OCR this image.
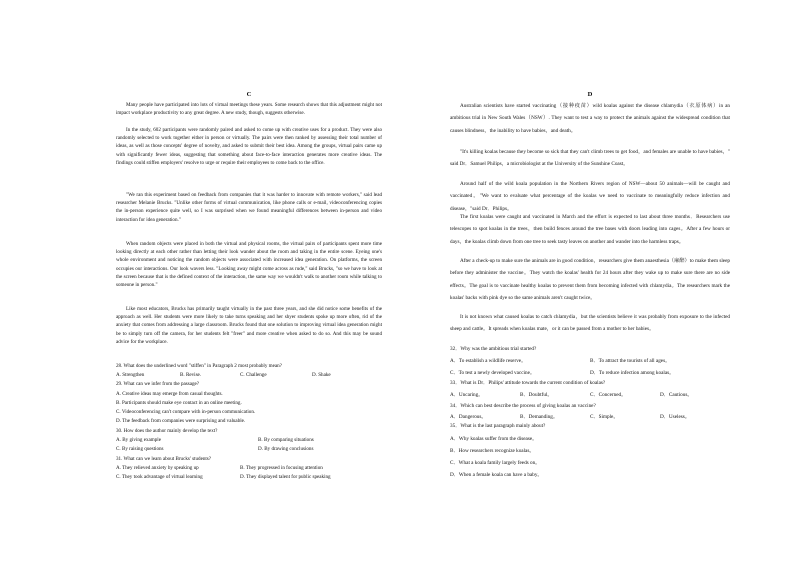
C

Many people have participated into lots of virtual meetings these years. Some research shows that this adjustment might not impact workplace productivity to any great degree. A new study, though, suggests otherwise.

In the study, 602 participants were randomly paired and asked to come up with creative uses for a product. They were also randomly selected to work together either in person or virtually. The pairs were then ranked by assessing their total number of ideas, as well as those concepts' degree of novelty, and asked to submit their best idea. Among the groups, virtual pairs came up with significantly fewer ideas, suggesting that something about face-to-face interaction generates more creative ideas. The findings could stiffen employers' resolve to urge or require their employees to come back to the office.

"We ran this experiment based on feedback from companies that it was harder to innovate with remote workers," said lead researcher Melanie Brucks. "Unlike other forms of virtual communication, like phone calls or e-mail, videoconferencing copies the in-person experience quite well, so I was surprised when we found meaningful differences between in-person and video interaction for idea generation."

When random objects were placed in both the virtual and physical rooms, the virtual pairs of participants spent more time looking directly at each other rather than letting their look wander about the room and taking in the entire scene. Eyeing one's whole environment and noticing the random objects were associated with increased idea generation. On platforms, the screen occupies our interactions. Our look wavers less. "Looking away might come across as rude," said Brucks, "so we have to look at the screen because that is the defined context of the interaction, the same way we wouldn't walk to another room while talking to someone in person."

Like most educators, Brucks has primarily taught virtually in the past three years, and she did notice some benefits of the approach as well. Her students were more likely to take turns speaking and her shyer students spoke up more often, rid of the anxiety that comes from addressing a large classroom. Brucks found that one solution to improving virtual idea generation might be to simply turn off the camera, for her students felt "freer" and more creative when asked to do so. And this may be sound advice for the workplace.

28. What does the underlined word "stiffen" in Paragraph 2 most probably mean?

A. Strengthen	B. Revise.	C. Challenge	D. Shake

29. What can we infer from the passage?

A. Creative ideas may emerge from casual thoughts.
B. Participants should make eye contact in an online meeting.
C. Videoconferencing can't compare with in-person communication.
D. The feedback from companies were surprising and valuable.

30. How does the author mainly develop the text?

A. By giving example	B. By comparing situations
C. By raising questions	D. By drawing conclusions

31. What can we learn about Brucks' students?

A. They relieved anxiety by speaking up	B. They progressed in focusing attention
C. They took advantage of virtual learning	D. They displayed talent for public speaking
D

Australian scientists have started vaccinating（接种疫苗）wild koalas against the disease chlamydia（衣原体病）in an ambitious trial in New South Wales（NSW）. They want to test a way to protect the animals against the widespread condition that causes blindness，the inability to have babies，and death。

"It's killing koalas because they become so sick that they can't climb trees to get food，and females are unable to have babies，" said Dr．Samuel Philips，a microbiologist at the University of the Sunshine Coast。

Around half of the wild koala population in the Northern Rivers region of NSW—about 50 animals—will be caught and vaccinated。"We want to evaluate what percentage of the koalas we need to vaccinate to meaningfully reduce infection and disease，"said Dr．Philips。

The first koalas were caught and vaccinated in March and the effort is expected to last about three months．Researchers use telescopes to spot koalas in the trees，then build fences around the tree bases with doors leading into cages。After a few hours or days，the koalas climb down from one tree to seek tasty leaves on another and wander into the harmless traps。

After a check-up to make sure the animals are in good condition，researchers give them anaesthesia（麻醉）to make them sleep before they administer the vaccine。They watch the koalas' health for 24 hours after they wake up to make sure there are no side effects。The goal is to vaccinate healthy koalas to prevent them from becoming infected with chlamydia。The researchers mark the koalas' backs with pink dye so the same animals aren't caught twice。

It is not known what caused koalas to catch chlamydia，but the scientists believe it was probably from exposure to the infected sheep and cattle。It spreads when koalas mate，or it can be passed from a mother to her babies。

32．Why was the ambitious trial started?

A．To establish a wildlife reserve。	B．To attract the tourists of all ages。
C．To test a newly developed vaccine。	D．To reduce infection among koalas。

33．What is Dr．Philips' attitude towards the current condition of koalas?

A．Uncaring。	B．Doubtful。	C．Concerned。	D．Cautious。

34．Which can best describe the process of giving koalas an vaccine?

A．Dangerous。	B．Demanding。	C．Simple。	D．Useless。

35．What is the last paragraph mainly about?

A．Why koalas suffer from the disease。
B．How researchers recognize koalas。
C．What a koala family largely feeds on。
D．When a female koala can have a baby。
